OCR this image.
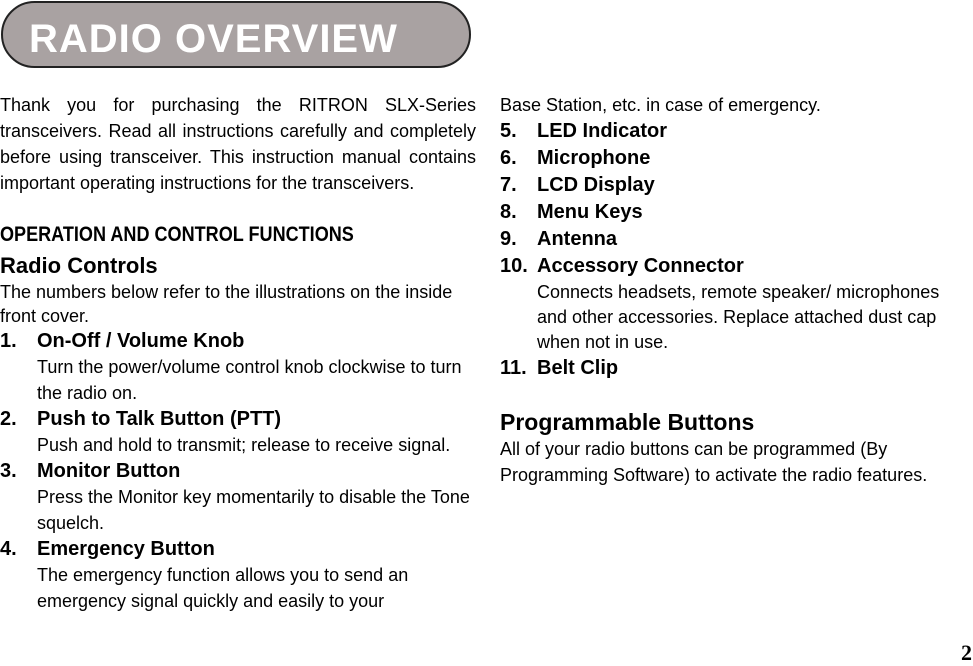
RADIO OVERVIEW

Thank you for purchasing the RITRON SLX-Series transceivers. Read all instructions carefully and completely before using transceiver. This instruction manual contains important operating instructions for the transceivers.

OPERATION AND CONTROL FUNCTIONS

Radio Controls

The numbers below refer to the illustrations on the inside front cover.

1.	On-Off / Volume Knob

Turn the power/volume control knob clockwise to turn the radio on.

2.	Push to Talk Button (PTT)

Push and hold to transmit; release to receive signal.

3.	Monitor Button

Press the Monitor key momentarily to disable the Tone squelch.

4.	Emergency Button

The emergency function allows you to send an emergency signal quickly and easily to your

Base Station, etc. in case of emergency.

5.	LED Indicator
6.	Microphone
7.	LCD Display
8.	Menu Keys
9.	Antenna
10. Accessory Connector

Connects headsets, remote speaker/ microphones and other accessories. Replace attached dust cap when not in use.

11. Belt Clip

Programmable Buttons

All of your radio buttons can be programmed (By Programming Software) to activate the radio features.

2
